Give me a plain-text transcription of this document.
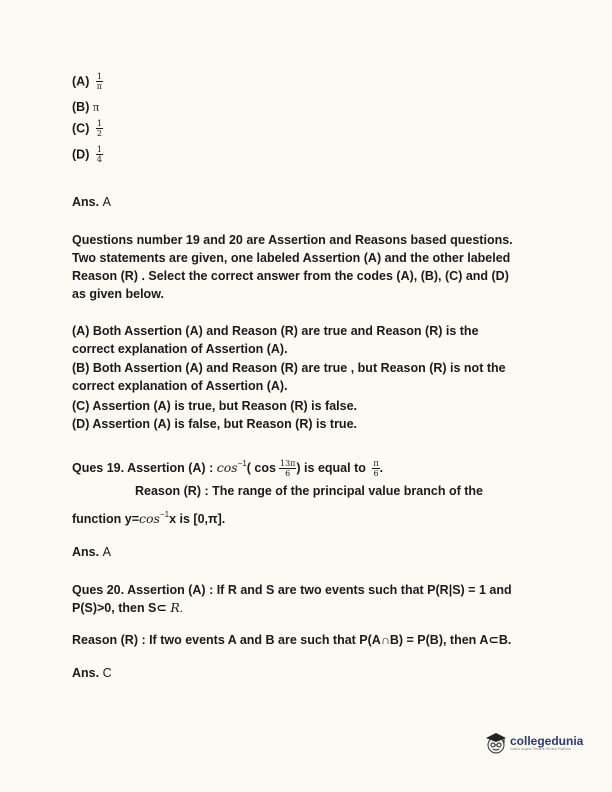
$(A) \frac{1}{\pi}$
(B) π
$(C) \frac{1}{2}$
$(D) \frac{1}{4}$
Ans. A
Questions number 19 and 20 are Assertion and Reasons based questions.
Two statements are given, one labeled Assertion (A) and the other labeled
Reason (R) . Select the correct answer from the codes (A), (B), (C) and (D)
as given below.
(A) Both Assertion (A) and Reason (R) are true and Reason (R) is the
correct explanation of Assertion (A).
(B) Both Assertion (A) and Reason (R) are true , but Reason (R) is not the
correct explanation of Assertion (A).
(C) Assertion (A) is true, but Reason (R) is false.
(D) Assertion (A) is false, but Reason (R) is true.
Ques 19. Assertion (A) : $\cos^{-1}$( $\cos \frac{13\pi}{6}$ ) is equal to $\frac{\pi}{6}$ .
Reason (R) : The range of the principal value branch of the
function $y=\cos^{-1}x$ is [0,π].
Ans. A
Ques 20. Assertion (A) : If R and S are two events such that P(R|S) = 1 and
P(S)>0, then S⊂ R.
Reason (R) : If two events A and B are such that P(A∩B) = P(B), then A⊂B.
Ans. C
collegedunia
India's largest Student Review Platform
